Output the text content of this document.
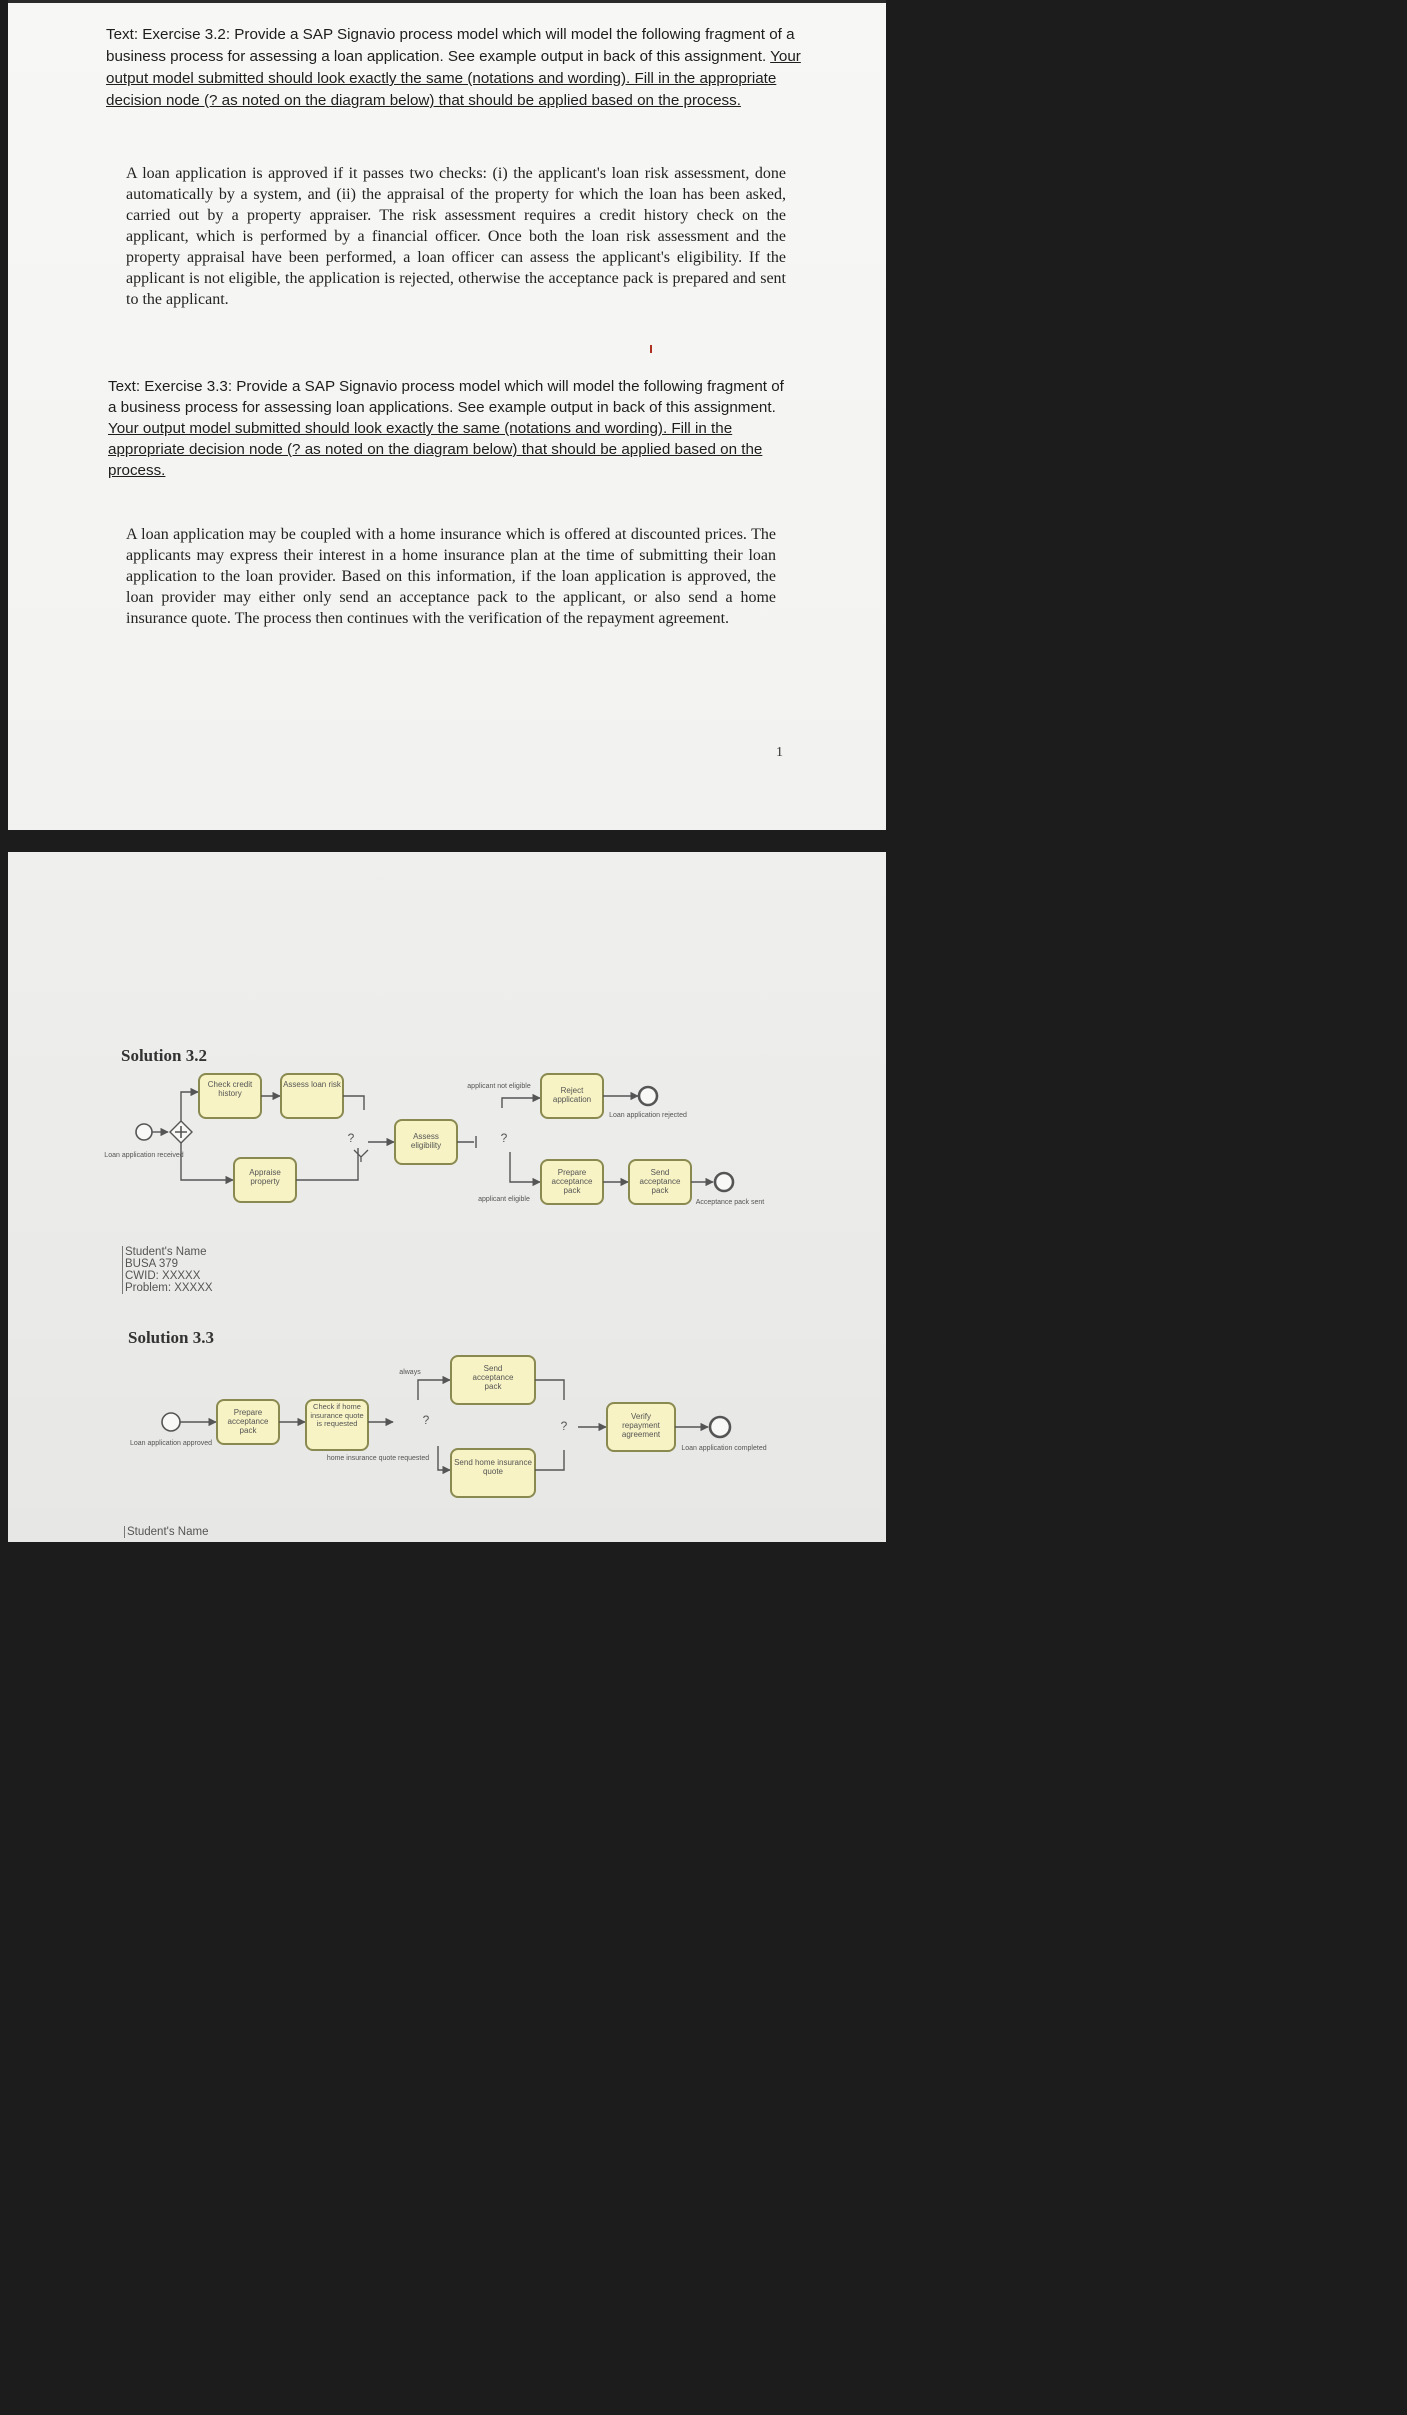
Text: Exercise 3.2: Provide a SAP Signavio process model which will model the following fragment of a business process for assessing a loan application. See example output in back of this assignment. Your output model submitted should look exactly the same (notations and wording). Fill in the appropriate decision node (? as noted on the diagram below) that should be applied based on the process.
A loan application is approved if it passes two checks: (i) the applicant's loan risk assessment, done automatically by a system, and (ii) the appraisal of the property for which the loan has been asked, carried out by a property appraiser. The risk assessment requires a credit history check on the applicant, which is performed by a financial officer. Once both the loan risk assessment and the property appraisal have been performed, a loan officer can assess the applicant's eligibility. If the applicant is not eligible, the application is rejected, otherwise the acceptance pack is prepared and sent to the applicant.
Text: Exercise 3.3: Provide a SAP Signavio process model which will model the following fragment of a business process for assessing loan applications. See example output in back of this assignment. Your output model submitted should look exactly the same (notations and wording). Fill in the appropriate decision node (? as noted on the diagram below) that should be applied based on the process.
A loan application may be coupled with a home insurance which is offered at discounted prices. The applicants may express their interest in a home insurance plan at the time of submitting their loan application to the loan provider. Based on this information, if the loan application is approved, the loan provider may either only send an acceptance pack to the applicant, or also send a home insurance quote. The process then continues with the verification of the repayment agreement.
1
Solution 3.2
Solution 3.3
Student's Name
BUSA 379
CWID: XXXXX
Problem: XXXXX
Student's Name
?	?
applicant not eligible
Loan application rejected
applicant eligible	Acceptance pack sent
Loan application received
Loan application approved
?
always
home insurance quote requested
?
Loan application completed
Check credit history
Assess loan risk
Appraise property
Assess eligibility
Reject application
Prepare acceptance pack
Send acceptance pack
Prepare acceptance pack
Check if home insurance quote is requested
Send acceptance pack
Send home insurance quote
Verify repayment agreement
